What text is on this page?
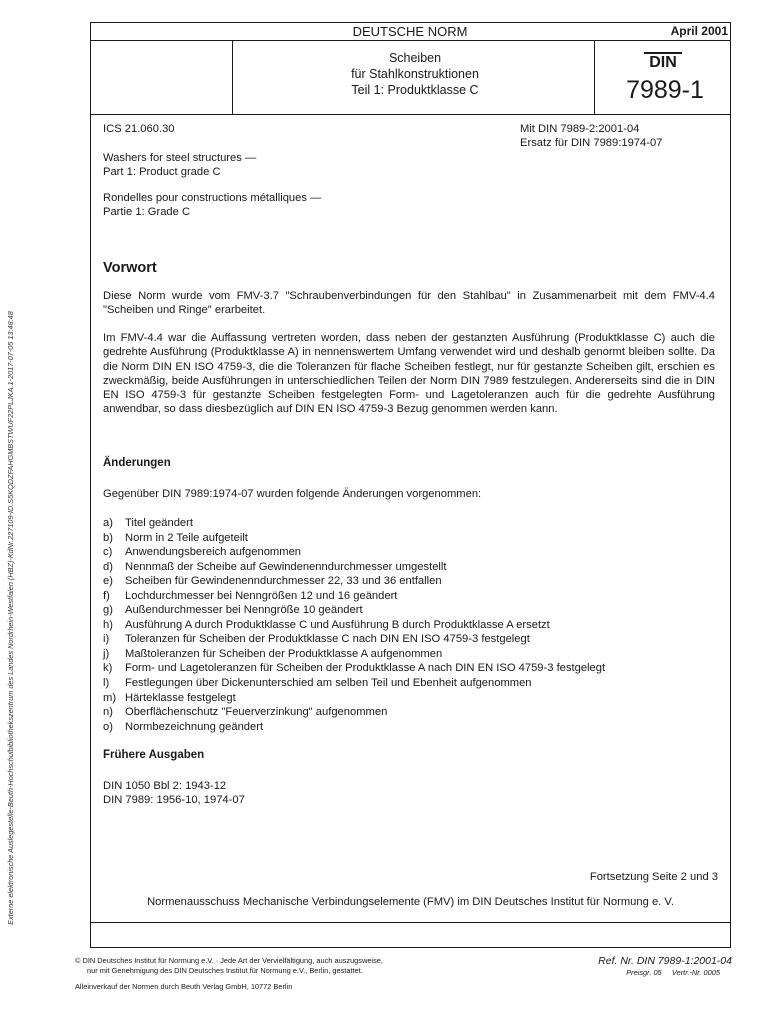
Externe elektronische Auslegestelle-Beuth-Hochschulbibliothekszentrum des Landes Nordrhein-Westfalen (HBZ)-KdNr.227109-ID.S5KQDZFAHGMBSTWUF22PLJKA.1-2017-07-05 13:48:48
DEUTSCHE NORM	April 2001
Scheiben
für Stahlkonstruktionen
Teil 1: Produktklasse C
DIN
7989-1
ICS 21.060.30	Mit DIN 7989-2:2001-04
Ersatz für DIN 7989:1974-07
Washers for steel structures —
Part 1: Product grade C
Rondelles pour constructions métalliques —
Partie 1: Grade C
Vorwort
Diese Norm wurde vom FMV-3.7 "Schraubenverbindungen für den Stahlbau" in Zusammenarbeit mit dem FMV-4.4 "Scheiben und Ringe" erarbeitet.
Im FMV-4.4 war die Auffassung vertreten worden, dass neben der gestanzten Ausführung (Produktklasse C) auch die gedrehte Ausführung (Produktklasse A) in nennenswertem Umfang verwendet wird und deshalb genormt bleiben sollte. Da die Norm DIN EN ISO 4759-3, die die Toleranzen für flache Scheiben festlegt, nur für gestanzte Scheiben gilt, erschien es zweckmäßig, beide Ausführungen in unterschiedlichen Teilen der Norm DIN 7989 festzulegen. Andererseits sind die in DIN EN ISO 4759-3 für gestanzte Scheiben festgelegten Form- und Lagetoleranzen auch für die gedrehte Ausführung anwendbar, so dass diesbezüglich auf DIN EN ISO 4759-3 Bezug genommen werden kann.
Änderungen
Gegenüber DIN 7989:1974-07 wurden folgende Änderungen vorgenommen:
a)	Titel geändert
b)	Norm in 2 Teile aufgeteilt
c)	Anwendungsbereich aufgenommen
d)	Nennmaß der Scheibe auf Gewindenenndurchmesser umgestellt
e)	Scheiben für Gewindenenndurchmesser 22, 33 und 36 entfallen
f)	Lochdurchmesser bei Nenngrößen 12 und 16 geändert
g)	Außendurchmesser bei Nenngröße 10 geändert
h)	Ausführung A durch Produktklasse C und Ausführung B durch Produktklasse A ersetzt
i)	Toleranzen für Scheiben der Produktklasse C nach DIN EN ISO 4759-3 festgelegt
j)	Maßtoleranzen für Scheiben der Produktklasse A aufgenommen
k)	Form- und Lagetoleranzen für Scheiben der Produktklasse A nach DIN EN ISO 4759-3 festgelegt
l)	Festlegungen über Dickenunterschied am selben Teil und Ebenheit aufgenommen
m) Härteklasse festgelegt
n)	Oberflächenschutz "Feuerverzinkung" aufgenommen
o)	Normbezeichnung geändert
Frühere Ausgaben
DIN 1050 Bbl 2: 1943-12
DIN 7989: 1956-10, 1974-07
Fortsetzung Seite 2 und 3
Normenausschuss Mechanische Verbindungselemente (FMV) im DIN Deutsches Institut für Normung e. V.
© DIN Deutsches Institut für Normung e.V. · Jede Art der Vervielfältigung, auch auszugsweise,
nur mit Genehmigung des DIN Deutsches Institut für Normung e.V., Berlin, gestattet.
Ref. Nr. DIN 7989-1:2001-04
Preisgr. 05     Vertr.-Nr. 0005
Alleinverkauf der Normen durch Beuth Verlag GmbH, 10772 Berlin
